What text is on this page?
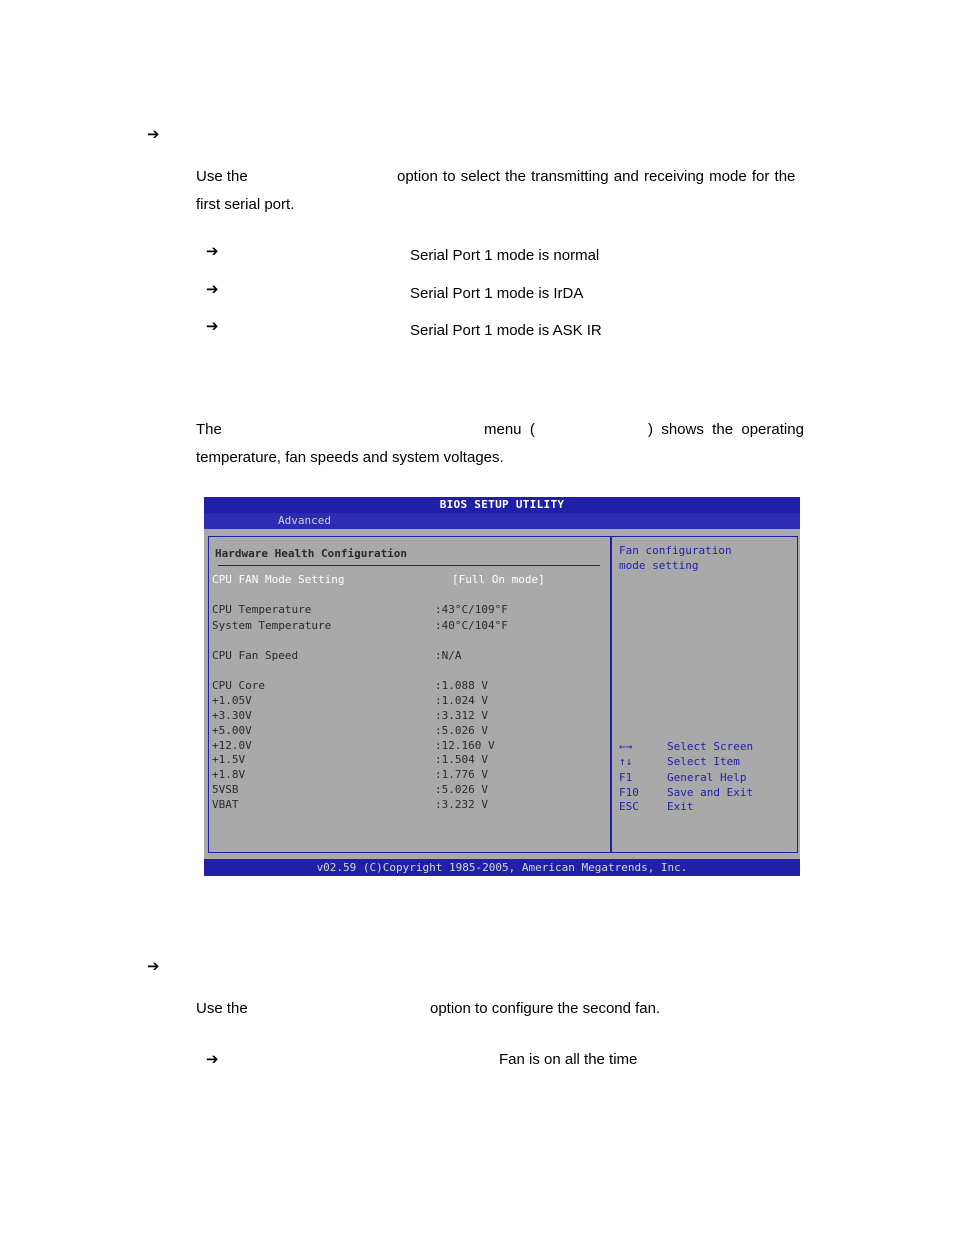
➔
Use the	option to select the transmitting and receiving mode for the
first serial port.
➔	Serial Port 1 mode is normal
➔	Serial Port 1 mode is IrDA
➔	Serial Port 1 mode is ASK IR
The	menu  (	)  shows  the  operating
temperature, fan speeds and system voltages.
BIOS SETUP UTILITY
Advanced
Hardware Health Configuration
CPU FAN Mode Setting	[Full On mode]
CPU Temperature	:43°C/109°F
System Temperature	:40°C/104°F
CPU Fan Speed	:N/A
CPU Core	:1.088 V
+1.05V	:1.024 V
+3.30V	:3.312 V
+5.00V	:5.026 V
+12.0V	:12.160 V
+1.5V	:1.504 V
+1.8V	:1.776 V
5VSB	:5.026 V
VBAT	:3.232 V
Fan configuration
mode setting
←→	Select Screen
↑↓	Select Item
F1	General Help
F10	Save and Exit
ESC	Exit
v02.59 (C)Copyright 1985-2005, American Megatrends, Inc.
➔
Use the	option to configure the second fan.
➔	Fan is on all the time
